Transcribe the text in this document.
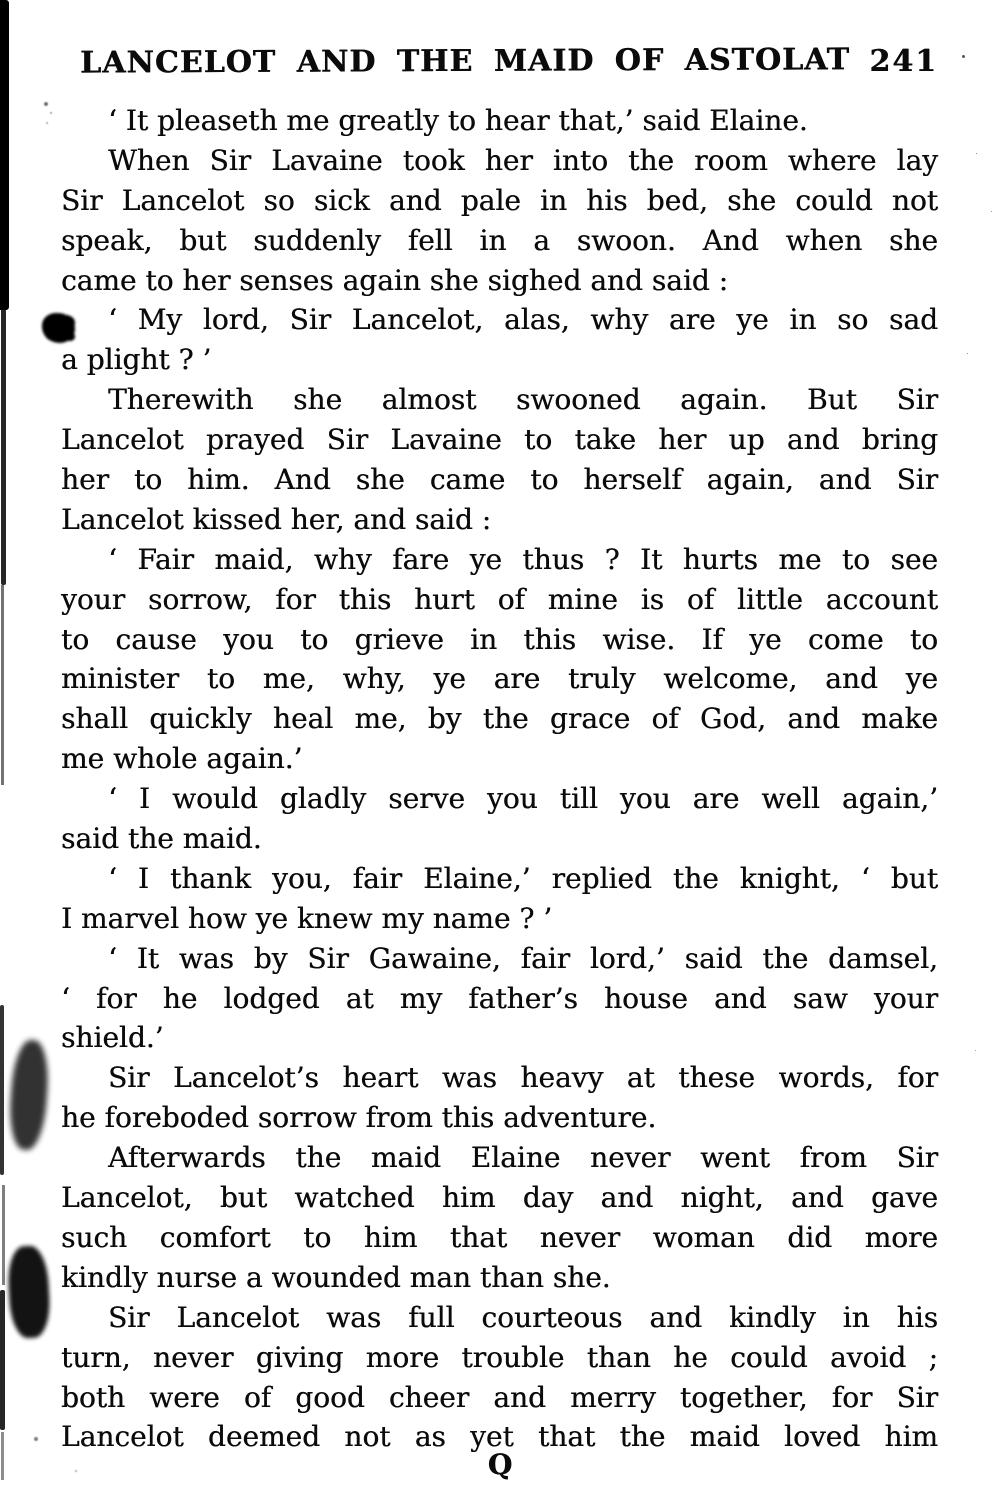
LANCELOT AND THE MAID OF ASTOLAT 241
‘ It pleaseth me greatly to hear that,’ said Elaine.
When Sir Lavaine took her into the room where lay
Sir Lancelot so sick and pale in his bed, she could not
speak, but suddenly fell in a swoon. And when she
came to her senses again she sighed and said :
‘ My lord, Sir Lancelot, alas, why are ye in so sad
a plight ? ’
Therewith she almost swooned again. But Sir
Lancelot prayed Sir Lavaine to take her up and bring
her to him. And she came to herself again, and Sir
Lancelot kissed her, and said :
‘ Fair maid, why fare ye thus ? It hurts me to see
your sorrow, for this hurt of mine is of little account
to cause you to grieve in this wise. If ye come to
minister to me, why, ye are truly welcome, and ye
shall quickly heal me, by the grace of God, and make
me whole again.’
‘ I would gladly serve you till you are well again,’
said the maid.
‘ I thank you, fair Elaine,’ replied the knight, ‘ but
I marvel how ye knew my name ? ’
‘ It was by Sir Gawaine, fair lord,’ said the damsel,
‘ for he lodged at my father’s house and saw your
shield.’
Sir Lancelot’s heart was heavy at these words, for
he foreboded sorrow from this adventure.
Afterwards the maid Elaine never went from Sir
Lancelot, but watched him day and night, and gave
such comfort to him that never woman did more
kindly nurse a wounded man than she.
Sir Lancelot was full courteous and kindly in his
turn, never giving more trouble than he could avoid ;
both were of good cheer and merry together, for Sir
Lancelot deemed not as yet that the maid loved him
Q
